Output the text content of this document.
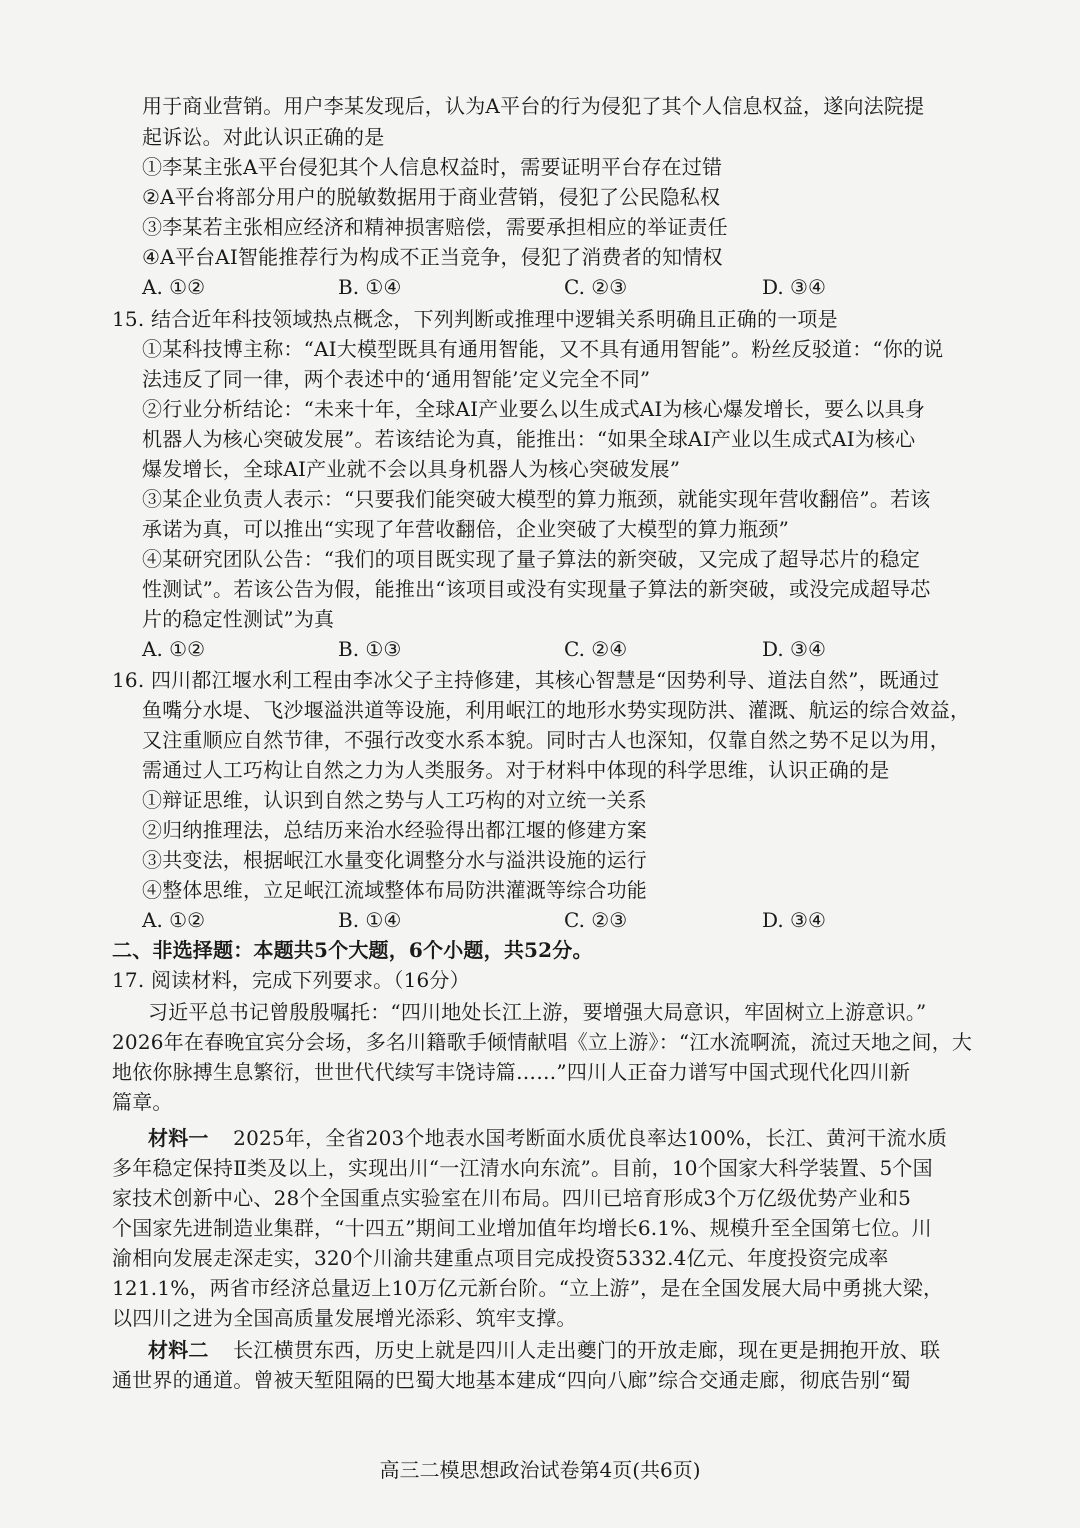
用于商业营销。用户李某发现后，认为A平台的行为侵犯了其个人信息权益，遂向法院提
起诉讼。对此认识正确的是
①李某主张A平台侵犯其个人信息权益时，需要证明平台存在过错
②A平台将部分用户的脱敏数据用于商业营销，侵犯了公民隐私权
③李某若主张相应经济和精神损害赔偿，需要承担相应的举证责任
④A平台AI智能推荐行为构成不正当竞争，侵犯了消费者的知情权
A. ①②	B. ①④	C. ②③	D. ③④
15. 结合近年科技领域热点概念，下列判断或推理中逻辑关系明确且正确的一项是
①某科技博主称：“AI大模型既具有通用智能，又不具有通用智能”。粉丝反驳道：“你的说
法违反了同一律，两个表述中的‘通用智能’定义完全不同”
②行业分析结论：“未来十年，全球AI产业要么以生成式AI为核心爆发增长，要么以具身
机器人为核心突破发展”。若该结论为真，能推出：“如果全球AI产业以生成式AI为核心
爆发增长，全球AI产业就不会以具身机器人为核心突破发展”
③某企业负责人表示：“只要我们能突破大模型的算力瓶颈，就能实现年营收翻倍”。若该
承诺为真，可以推出“实现了年营收翻倍，企业突破了大模型的算力瓶颈”
④某研究团队公告：“我们的项目既实现了量子算法的新突破，又完成了超导芯片的稳定
性测试”。若该公告为假，能推出“该项目或没有实现量子算法的新突破，或没完成超导芯
片的稳定性测试”为真
A. ①②	B. ①③	C. ②④	D. ③④
16. 四川都江堰水利工程由李冰父子主持修建，其核心智慧是“因势利导、道法自然”，既通过
鱼嘴分水堤、飞沙堰溢洪道等设施，利用岷江的地形水势实现防洪、灌溉、航运的综合效益，
又注重顺应自然节律，不强行改变水系本貌。同时古人也深知，仅靠自然之势不足以为用，
需通过人工巧构让自然之力为人类服务。对于材料中体现的科学思维，认识正确的是
①辩证思维，认识到自然之势与人工巧构的对立统一关系
②归纳推理法，总结历来治水经验得出都江堰的修建方案
③共变法，根据岷江水量变化调整分水与溢洪设施的运行
④整体思维，立足岷江流域整体布局防洪灌溉等综合功能
A. ①②	B. ①④	C. ②③	D. ③④
二、非选择题：本题共5个大题，6个小题，共52分。
17. 阅读材料，完成下列要求。（16分）
习近平总书记曾殷殷嘱托：“四川地处长江上游，要增强大局意识，牢固树立上游意识。”
2026年在春晚宜宾分会场，多名川籍歌手倾情献唱《立上游》：“江水流啊流，流过天地之间，大
地依你脉搏生息繁衍，世世代代续写丰饶诗篇……”四川人正奋力谱写中国式现代化四川新
篇章。
材料一 2025年，全省203个地表水国考断面水质优良率达100%，长江、黄河干流水质
多年稳定保持Ⅱ类及以上，实现出川“一江清水向东流”。目前，10个国家大科学装置、5个国
家技术创新中心、28个全国重点实验室在川布局。四川已培育形成3个万亿级优势产业和5
个国家先进制造业集群，“十四五”期间工业增加值年均增长6.1%、规模升至全国第七位。川
渝相向发展走深走实，320个川渝共建重点项目完成投资5332.4亿元、年度投资完成率
121.1%，两省市经济总量迈上10万亿元新台阶。“立上游”，是在全国发展大局中勇挑大梁，
以四川之进为全国高质量发展增光添彩、筑牢支撑。
材料二 长江横贯东西，历史上就是四川人走出夔门的开放走廊，现在更是拥抱开放、联
通世界的通道。曾被天堑阻隔的巴蜀大地基本建成“四向八廊”综合交通走廊，彻底告别“蜀
高三二模思想政治试卷第4页(共6页)
